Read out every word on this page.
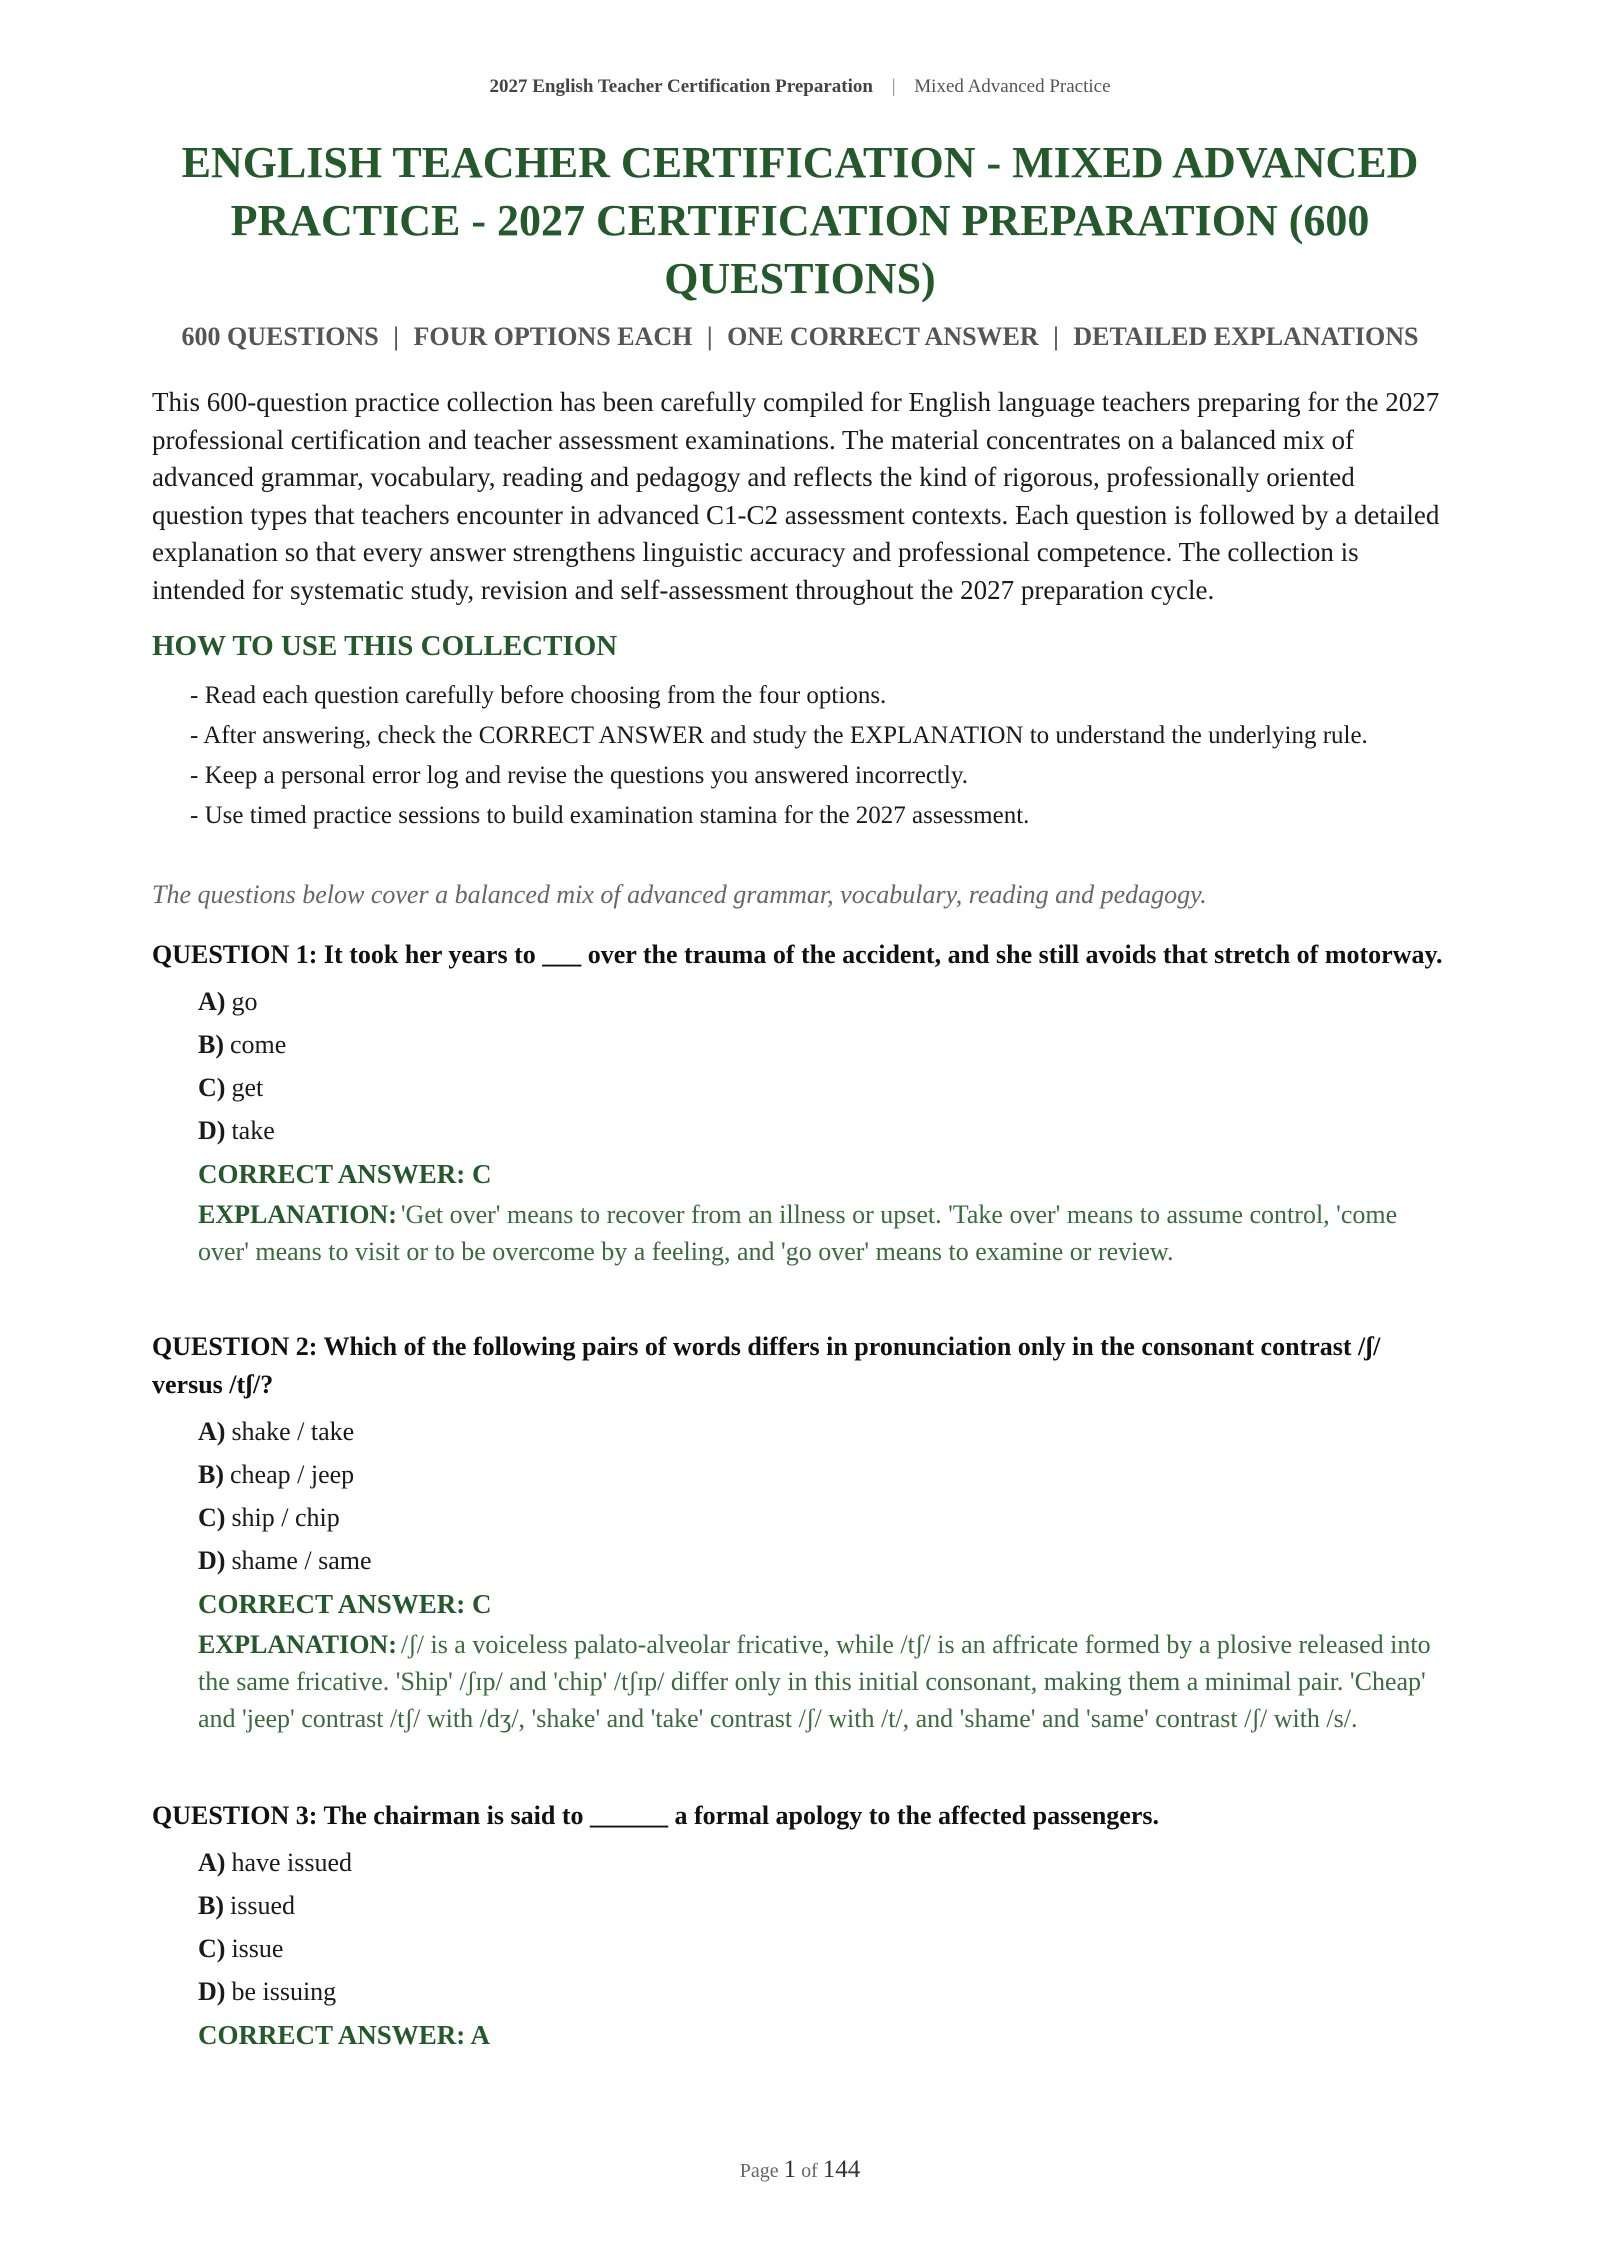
2027 English Teacher Certification Preparation | Mixed Advanced Practice
ENGLISH TEACHER CERTIFICATION - MIXED ADVANCED PRACTICE - 2027 CERTIFICATION PREPARATION (600 QUESTIONS)
600 QUESTIONS | FOUR OPTIONS EACH | ONE CORRECT ANSWER | DETAILED EXPLANATIONS

This 600-question practice collection has been carefully compiled for English language teachers preparing for the 2027 professional certification and teacher assessment examinations. The material concentrates on a balanced mix of advanced grammar, vocabulary, reading and pedagogy and reflects the kind of rigorous, professionally oriented question types that teachers encounter in advanced C1-C2 assessment contexts. Each question is followed by a detailed explanation so that every answer strengthens linguistic accuracy and professional competence. The collection is intended for systematic study, revision and self-assessment throughout the 2027 preparation cycle.

HOW TO USE THIS COLLECTION
- Read each question carefully before choosing from the four options.
- After answering, check the CORRECT ANSWER and study the EXPLANATION to understand the underlying rule.
- Keep a personal error log and revise the questions you answered incorrectly.
- Use timed practice sessions to build examination stamina for the 2027 assessment.
The questions below cover a balanced mix of advanced grammar, vocabulary, reading and pedagogy.

QUESTION 1: It took her years to ___ over the trauma of the accident, and she still avoids that stretch of motorway.

A) go
B) come
C) get
D) take
CORRECT ANSWER: C
EXPLANATION: 'Get over' means to recover from an illness or upset. 'Take over' means to assume control, 'come over' means to visit or to be overcome by a feeling, and 'go over' means to examine or review.

QUESTION 2: Which of the following pairs of words differs in pronunciation only in the consonant contrast /ʃ/ versus /tʃ/?

A) shake / take
B) cheap / jeep
C) ship / chip
D) shame / same
CORRECT ANSWER: C
EXPLANATION: /ʃ/ is a voiceless palato-alveolar fricative, while /tʃ/ is an affricate formed by a plosive released into the same fricative. 'Ship' /ʃɪp/ and 'chip' /tʃɪp/ differ only in this initial consonant, making them a minimal pair. 'Cheap' and 'jeep' contrast /tʃ/ with /dʒ/, 'shake' and 'take' contrast /ʃ/ with /t/, and 'shame' and 'same' contrast /ʃ/ with /s/.

QUESTION 3: The chairman is said to ______ a formal apology to the affected passengers.

A) have issued
B) issued
C) issue
D) be issuing
CORRECT ANSWER: A
Page 1 of 144
